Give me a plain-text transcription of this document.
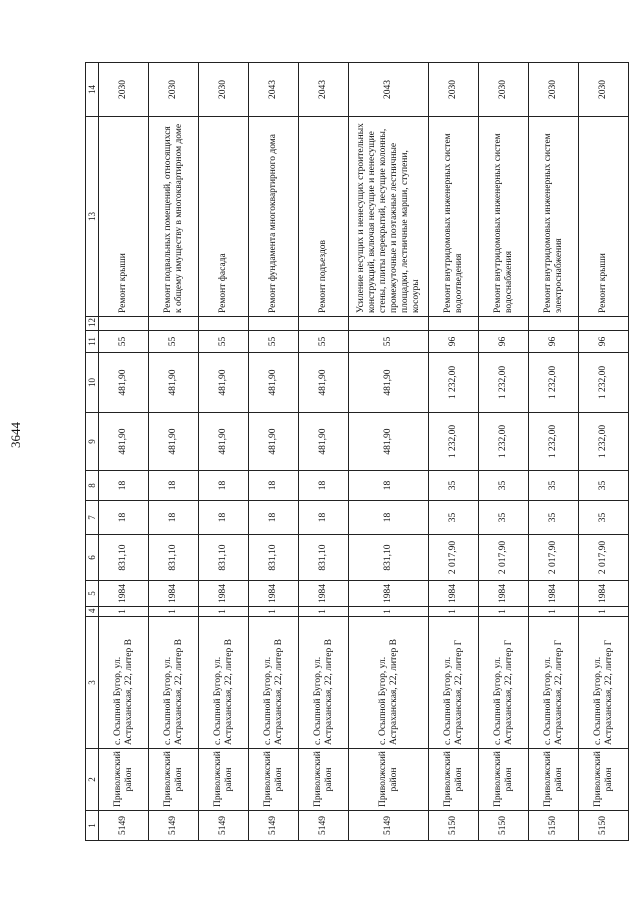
3644
1	2	3	4	5	6	7	8	9	10	11	12	13	14
5149	Приволжский район	с. Осыпной Бугор, ул. Астраханская, 22, литер В	1	1984	831,10	18	18	481,90	481,90	55		Ремонт крыши	2030
5149	Приволжский район	с. Осыпной Бугор, ул. Астраханская, 22, литер В	1	1984	831,10	18	18	481,90	481,90	55		Ремонт подвальных помещений, относящихся к общему имуществу в многоквартирном доме	2030
5149	Приволжский район	с. Осыпной Бугор, ул. Астраханская, 22, литер В	1	1984	831,10	18	18	481,90	481,90	55		Ремонт фасада	2030
5149	Приволжский район	с. Осыпной Бугор, ул. Астраханская, 22, литер В	1	1984	831,10	18	18	481,90	481,90	55		Ремонт фундамента многоквартирного дома	2043
5149	Приволжский район	с. Осыпной Бугор, ул. Астраханская, 22, литер В	1	1984	831,10	18	18	481,90	481,90	55		Ремонт подъездов	2043
5149	Приволжский район	с. Осыпной Бугор, ул. Астраханская, 22, литер В	1	1984	831,10	18	18	481,90	481,90	55		Усиление несущих и ненесущих строительных конструкций, включая несущие и ненесущие стены, плиты перекрытий, несущие колонны, промежуточные и поэтажные лестничные площадки, лестничные марши, ступени, косоуры	2043
5150	Приволжский район	с. Осыпной Бугор, ул. Астраханская, 22, литер Г	1	1984	2 017,90	35	35	1 232,00	1 232,00	96		Ремонт внутридомовых инженерных систем водоотведения	2030
5150	Приволжский район	с. Осыпной Бугор, ул. Астраханская, 22, литер Г	1	1984	2 017,90	35	35	1 232,00	1 232,00	96		Ремонт внутридомовых инженерных систем водоснабжения	2030
5150	Приволжский район	с. Осыпной Бугор, ул. Астраханская, 22, литер Г	1	1984	2 017,90	35	35	1 232,00	1 232,00	96		Ремонт внутридомовых инженерных систем электроснабжения	2030
5150	Приволжский район	с. Осыпной Бугор, ул. Астраханская, 22, литер Г	1	1984	2 017,90	35	35	1 232,00	1 232,00	96		Ремонт крыши	2030
